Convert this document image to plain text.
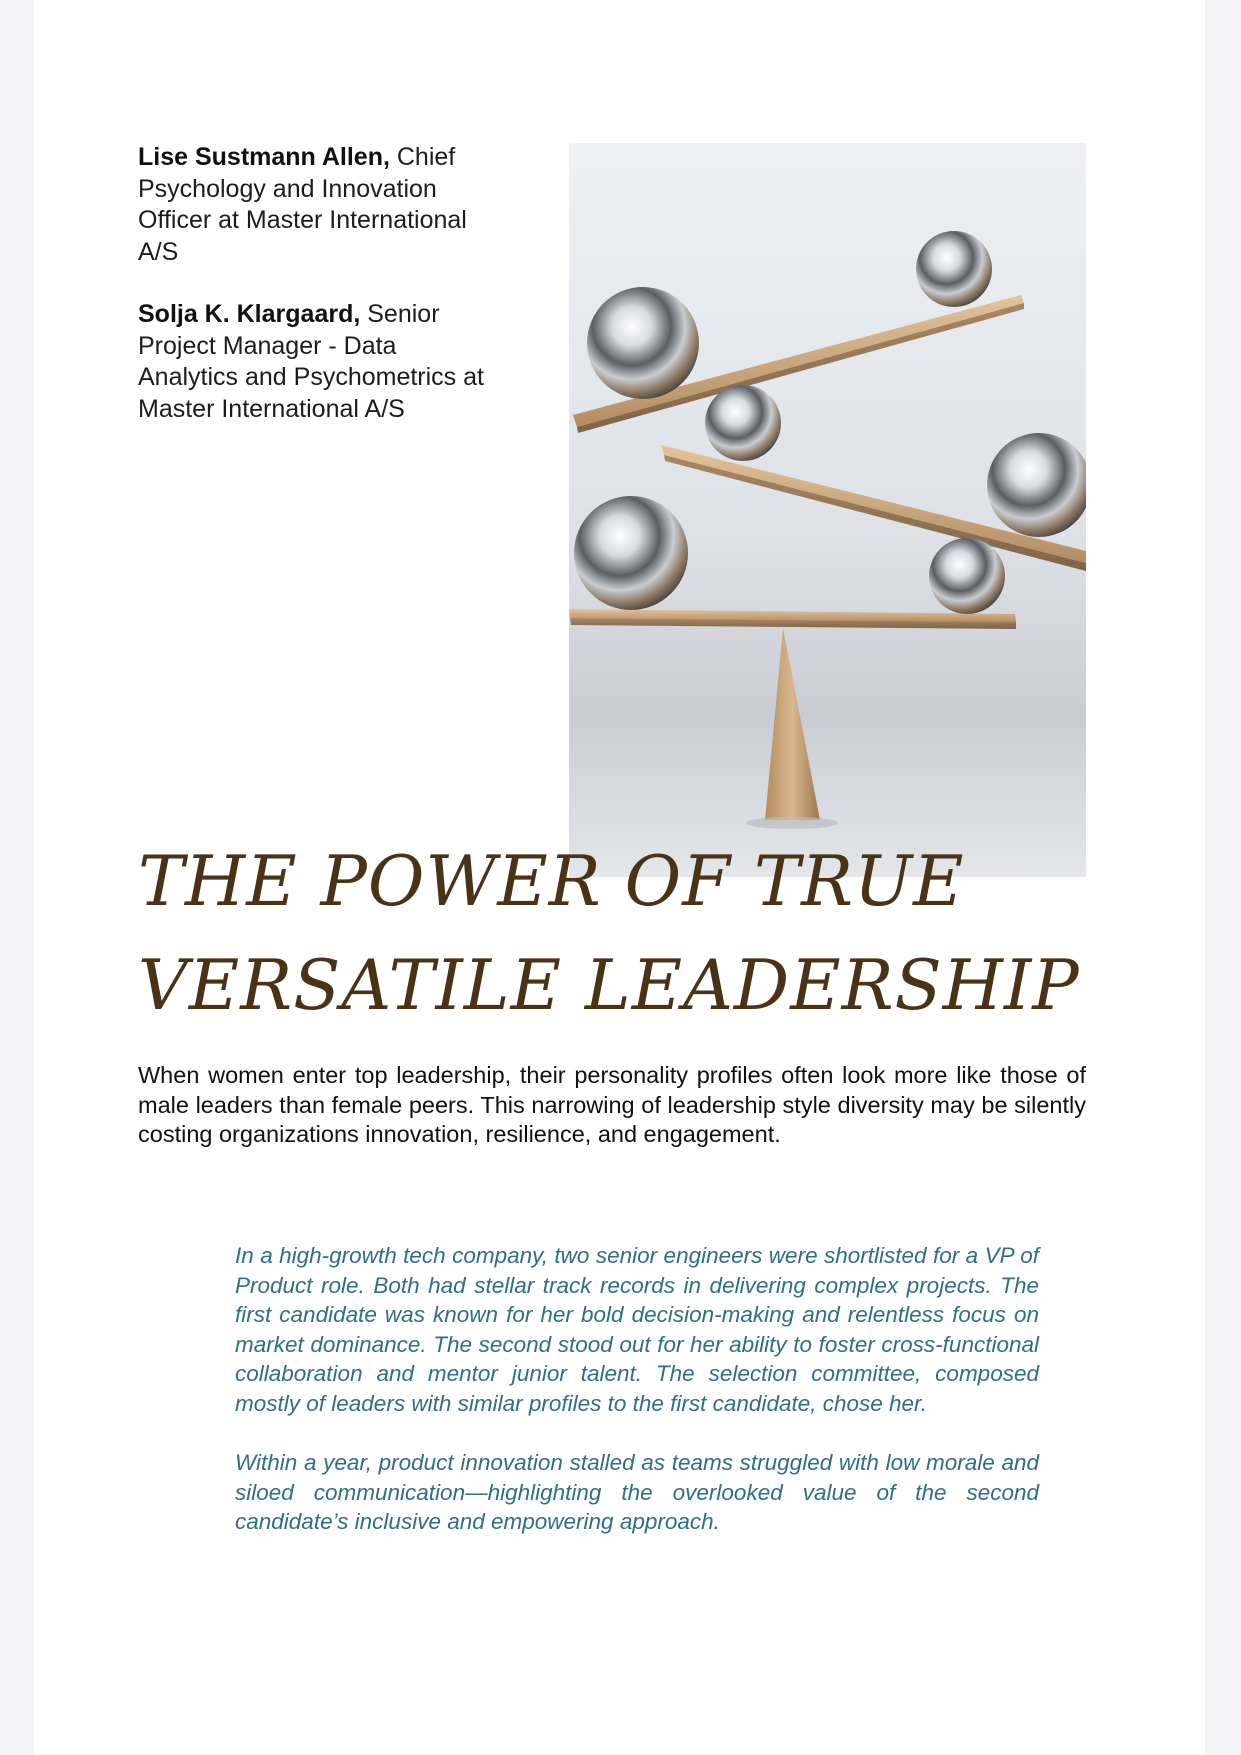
Lise Sustmann Allen, Chief Psychology and Innovation Officer at Master International A/S

Solja K. Klargaard, Senior Project Manager - Data Analytics and Psychometrics at Master International A/S

THE POWER OF TRUE
VERSATILE LEADERSHIP

When women enter top leadership, their personality profiles often look more like those of male leaders than female peers. This narrowing of leadership style diversity may be silently costing organizations innovation, resilience, and engagement.

In a high-growth tech company, two senior engineers were shortlisted for a VP of Product role. Both had stellar track records in delivering complex projects. The first candidate was known for her bold decision-making and relentless focus on market dominance. The second stood out for her ability to foster cross-functional collaboration and mentor junior talent. The selection committee, composed mostly of leaders with similar profiles to the first candidate, chose her.

Within a year, product innovation stalled as teams struggled with low morale and siloed communication—highlighting the overlooked value of the second candidate’s inclusive and empowering approach.
